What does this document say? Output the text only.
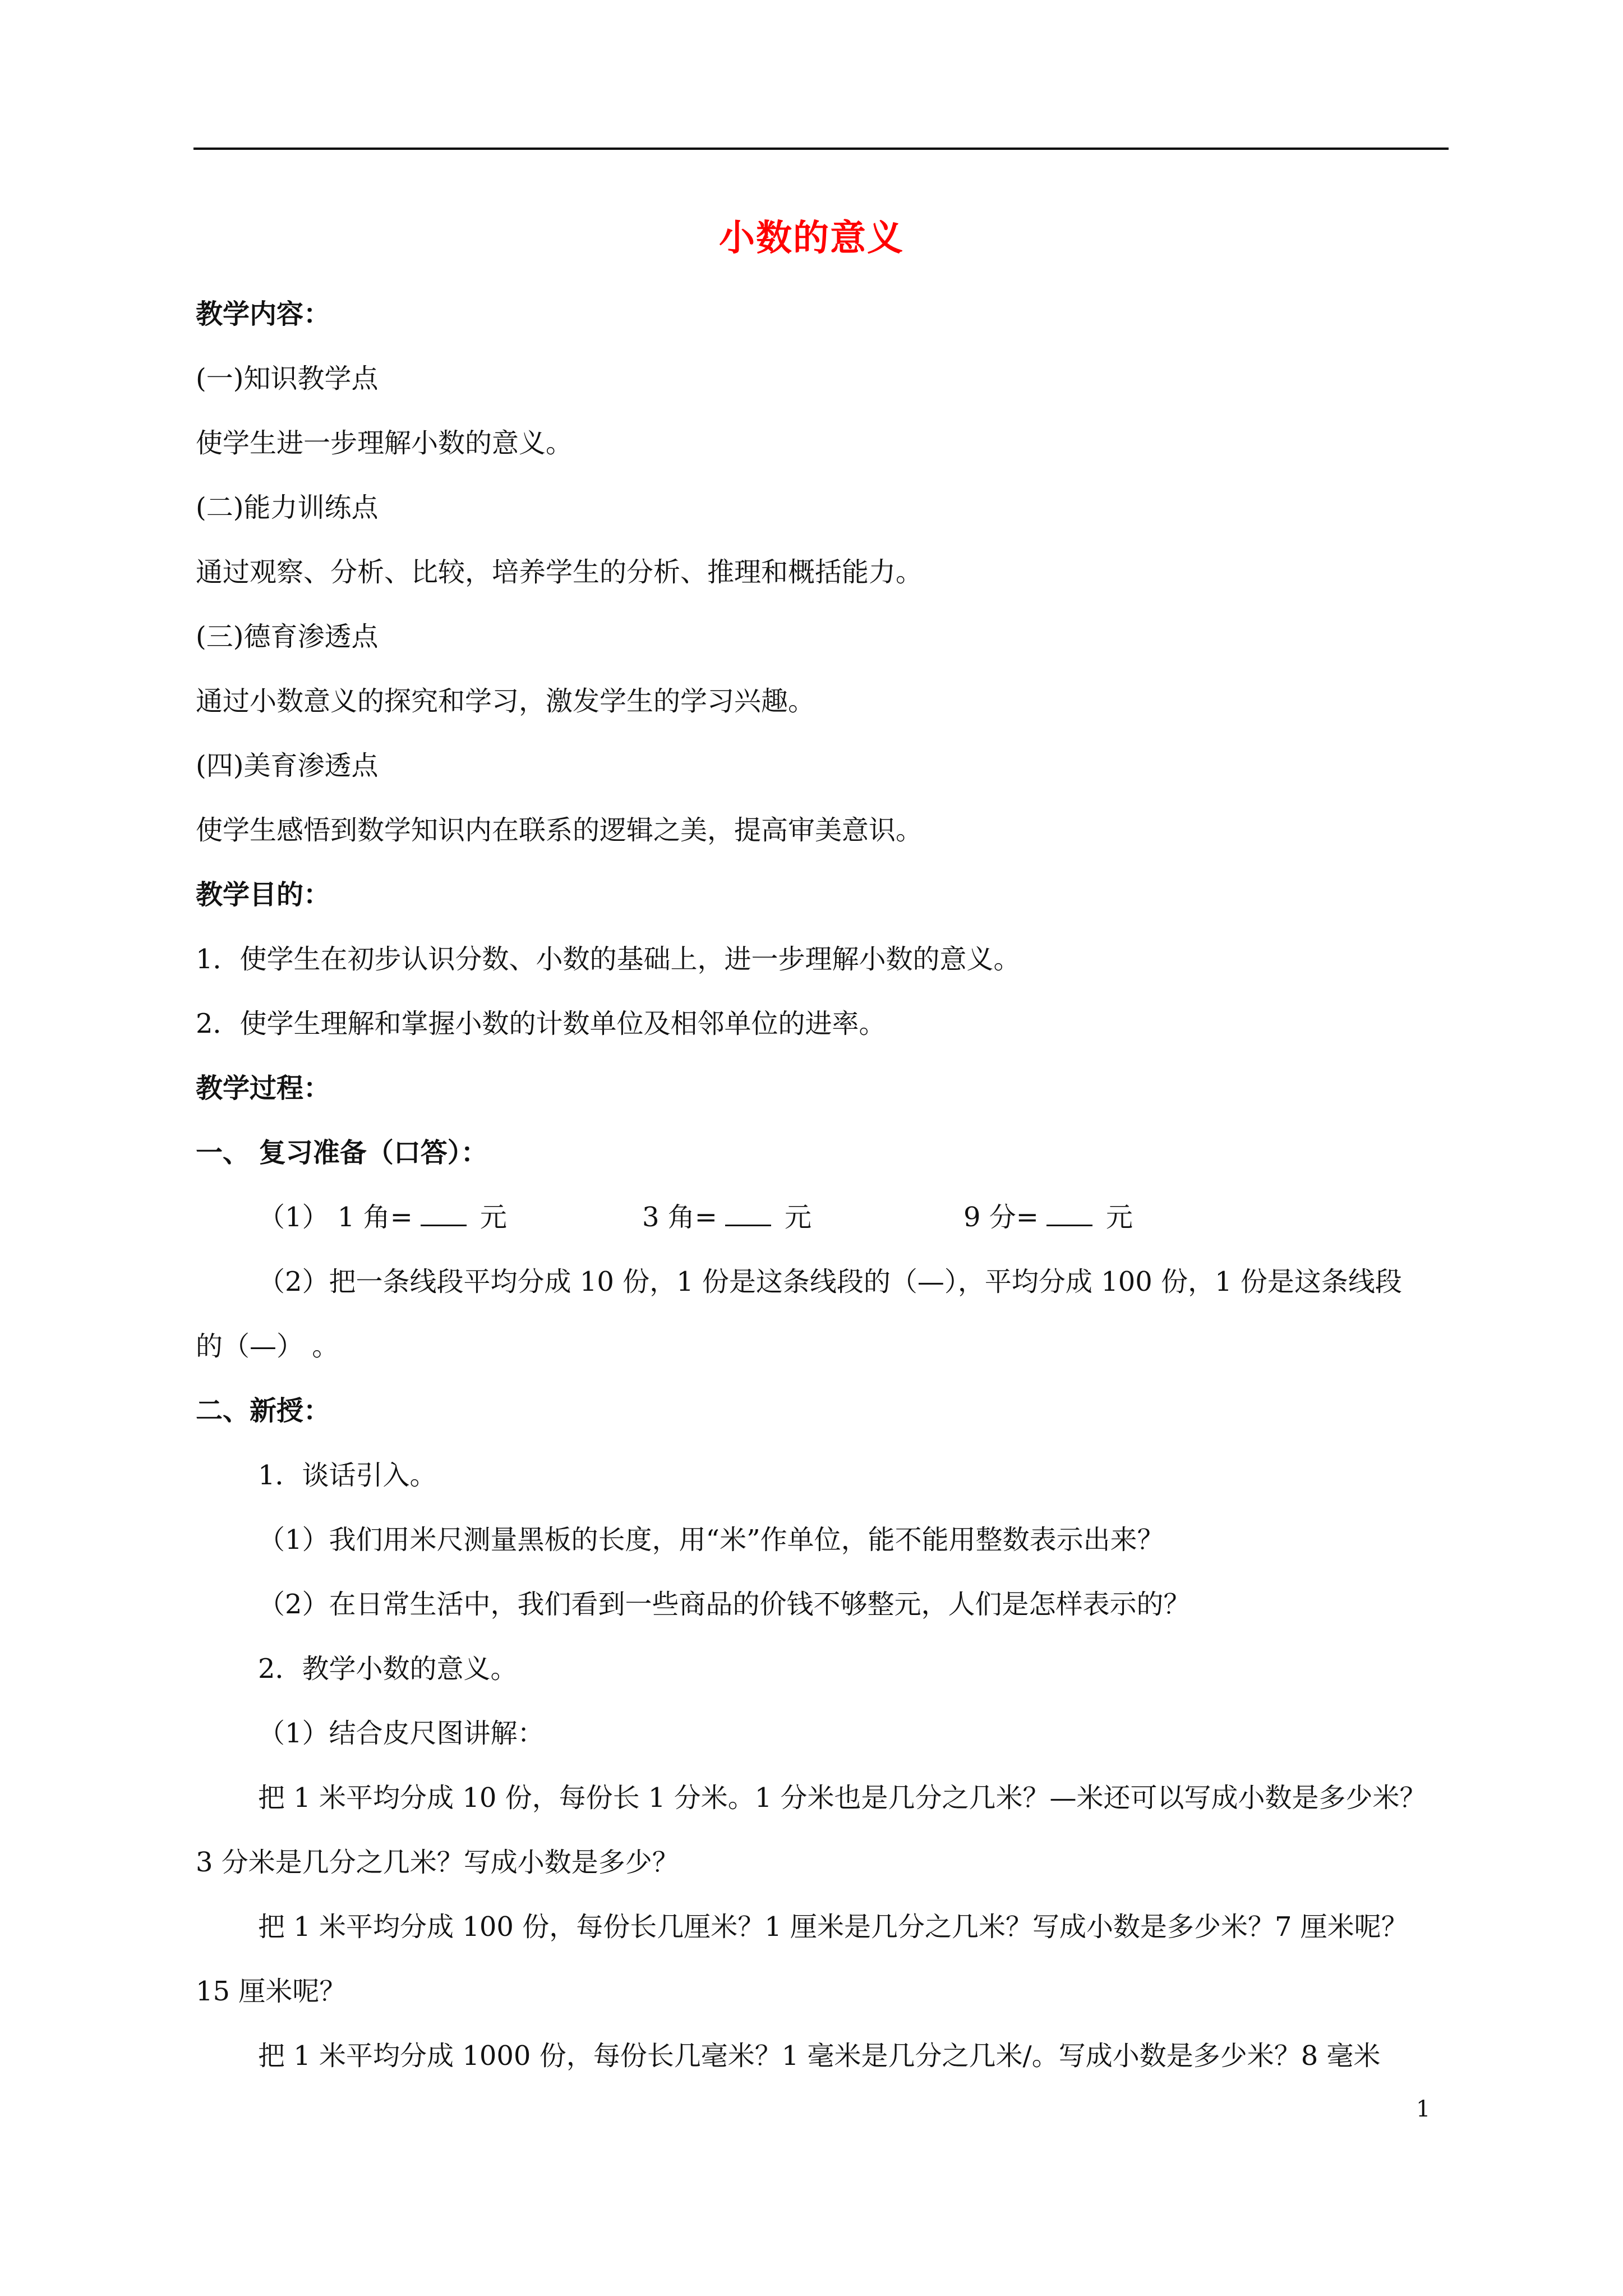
小数的意义
教学内容：
(一)知识教学点
使学生进一步理解小数的意义。
(二)能力训练点
通过观察、分析、比较，培养学生的分析、推理和概括能力。
(三)德育渗透点
通过小数意义的探究和学习，激发学生的学习兴趣。
(四)美育渗透点
使学生感悟到数学知识内在联系的逻辑之美，提高审美意识。
教学目的：
1．使学生在初步认识分数、小数的基础上，进一步理解小数的意义。
2．使学生理解和掌握小数的计数单位及相邻单位的进率。
教学过程：
一、 复习准备（口答）：
（1） 1 角=	元	3 角=	元	9 分=	元
（2）把一条线段平均分成 10 份，1 份是这条线段的（—），平均分成 100 份，1 份是这条线段
的（—） 。
二、新授：
1．谈话引入。
（1）我们用米尺测量黑板的长度，用“米”作单位，能不能用整数表示出来？
（2）在日常生活中，我们看到一些商品的价钱不够整元，人们是怎样表示的？
2．教学小数的意义。
（1）结合皮尺图讲解：
把 1 米平均分成 10 份，每份长 1 分米。1 分米也是几分之几米？—米还可以写成小数是多少米？
3 分米是几分之几米？写成小数是多少？
把 1 米平均分成 100 份，每份长几厘米？1 厘米是几分之几米？写成小数是多少米？7 厘米呢？
15 厘米呢？
把 1 米平均分成 1000 份，每份长几毫米？1 毫米是几分之几米/。写成小数是多少米？8 毫米
1
